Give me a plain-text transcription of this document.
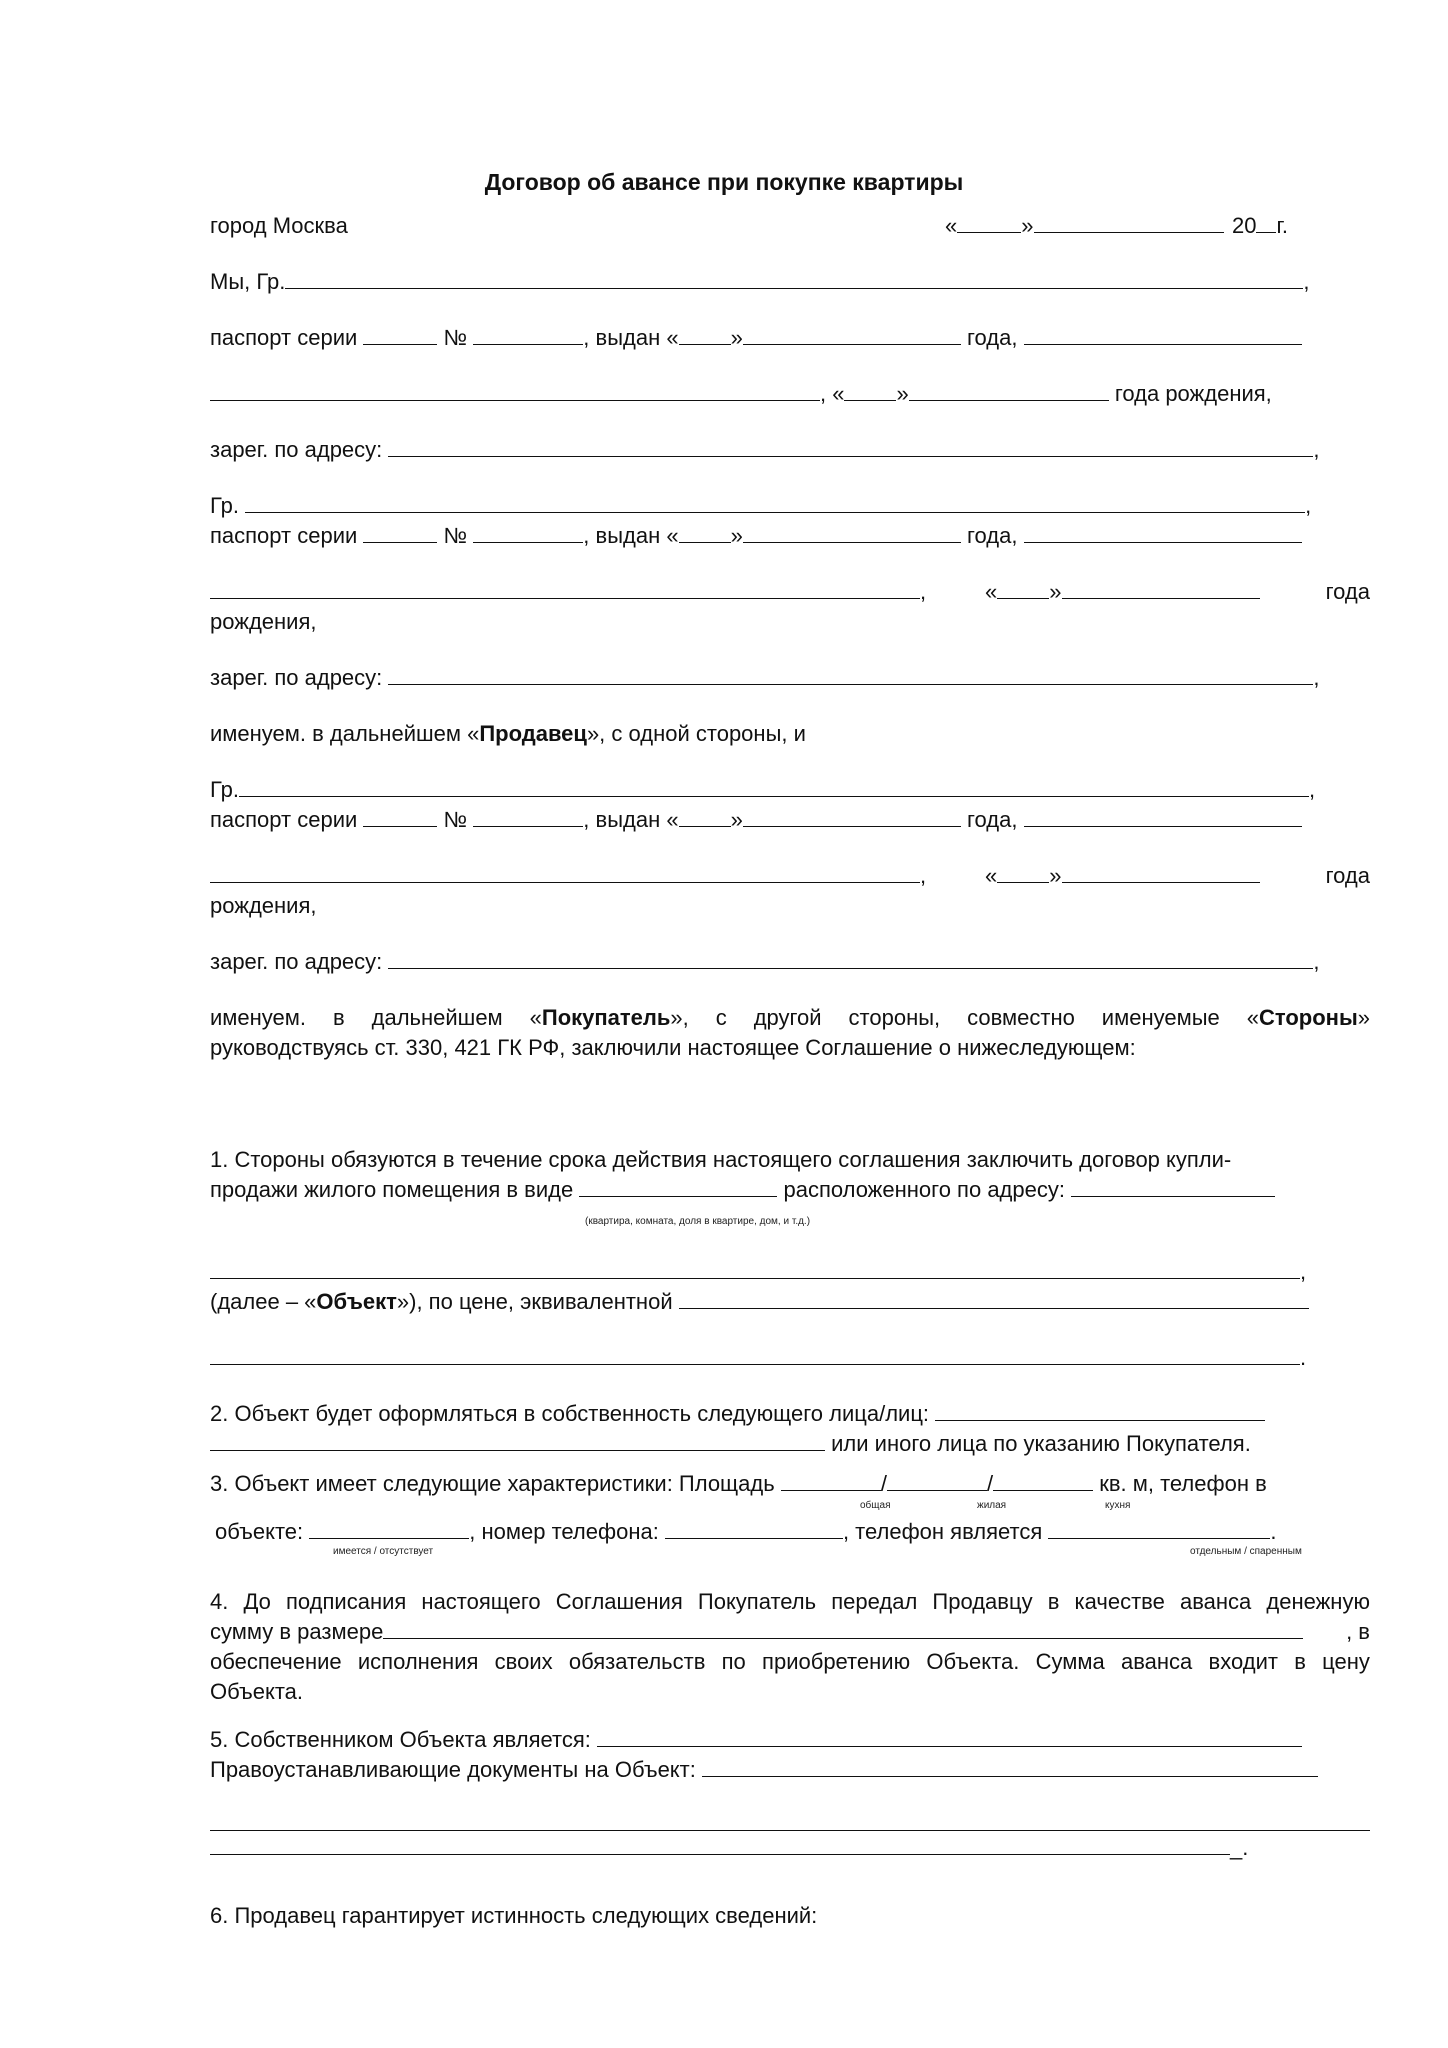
Договор об авансе при покупке квартиры
город Москва	«	»	20 г.
Мы, Гр.	,
паспорт серии	№	, выдан « »	года,
, « »	года рождения,
зарег. по адресу:	,
Гр.	,
паспорт серии	№	, выдан « »	года,
,	« »	года
рождения,
зарег. по адресу:	,
именуем. в дальнейшем «Продавец», с одной стороны, и
Гр.	,
паспорт серии	№	, выдан « »	года,
,	« »	года
рождения,
зарег. по адресу:	,
именуем. в дальнейшем «Покупатель», с другой стороны, совместно именуемые «Стороны»
руководствуясь ст. 330, 421 ГК РФ, заключили настоящее Соглашение о нижеследующем:
1. Стороны обязуются в течение срока действия настоящего соглашения заключить договор купли-
продажи жилого помещения в виде	расположенного по адресу:
(квартира, комната, доля в квартире, дом, и т.д.)
,
(далее – «Объект»), по цене, эквивалентной
.
2. Объект будет оформляться в собственность следующего лица/лиц:
или иного лица по указанию Покупателя.
3. Объект имеет следующие характеристики: Площадь	/	/	кв. м, телефон в
общая	жилая	кухня
объекте:	, номер телефона:	, телефон является	.
имеется / отсутствует	отдельным / спаренным
4. До подписания настоящего Соглашения Покупатель передал Продавцу в качестве аванса денежную
сумму в размере	, в
обеспечение исполнения своих обязательств по приобретению Объекта. Сумма аванса входит в цену
Объекта.
5. Собственником Объекта является:
Правоустанавливающие документы на Объект:
_.
6. Продавец гарантирует истинность следующих сведений:
